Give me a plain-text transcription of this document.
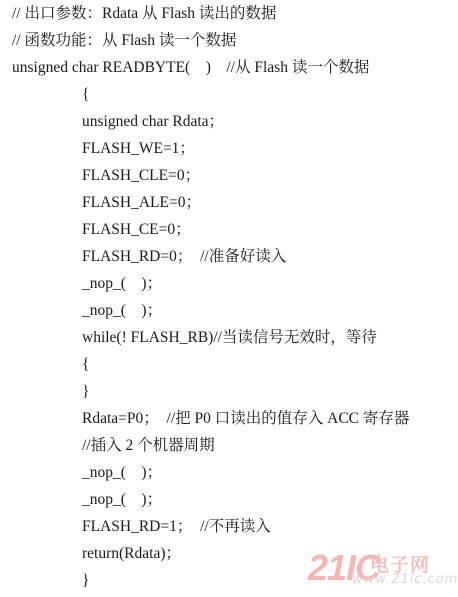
// 出口参数：Rdata 从 Flash 读出的数据
// 函数功能：从 Flash 读一个数据
unsigned char READBYTE(    )    //从 Flash 读一个数据
{
unsigned char Rdata；
FLASH_WE=1；
FLASH_CLE=0；
FLASH_ALE=0；
FLASH_CE=0；
FLASH_RD=0；  //准备好读入
_nop_(    )；
_nop_(    )；
while(! FLASH_RB)//当读信号无效时，等待
{
}
Rdata=P0；  //把 P0 口读出的值存入 ACC 寄存器
//插入 2 个机器周期
_nop_(    )；
_nop_(    )；
FLASH_RD=1；  //不再读入
return(Rdata)；
}	21IC
电子网
www.21ic.com
